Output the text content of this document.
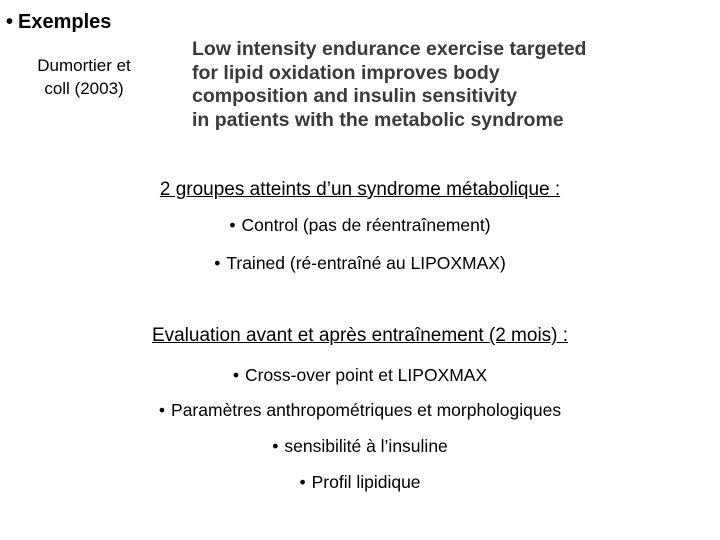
• Exemples
Dumortier et
coll (2003)
Low intensity endurance exercise targeted
for lipid oxidation improves body
composition and insulin sensitivity
in patients with the metabolic syndrome
2 groupes atteints d’un syndrome métabolique :
• Control (pas de réentraînement)
• Trained (ré-entraîné au LIPOXMAX)
Evaluation avant et après entraînement (2 mois) :
• Cross-over point et LIPOXMAX
• Paramètres anthropométriques et morphologiques
• sensibilité à l’insuline
• Profil lipidique
